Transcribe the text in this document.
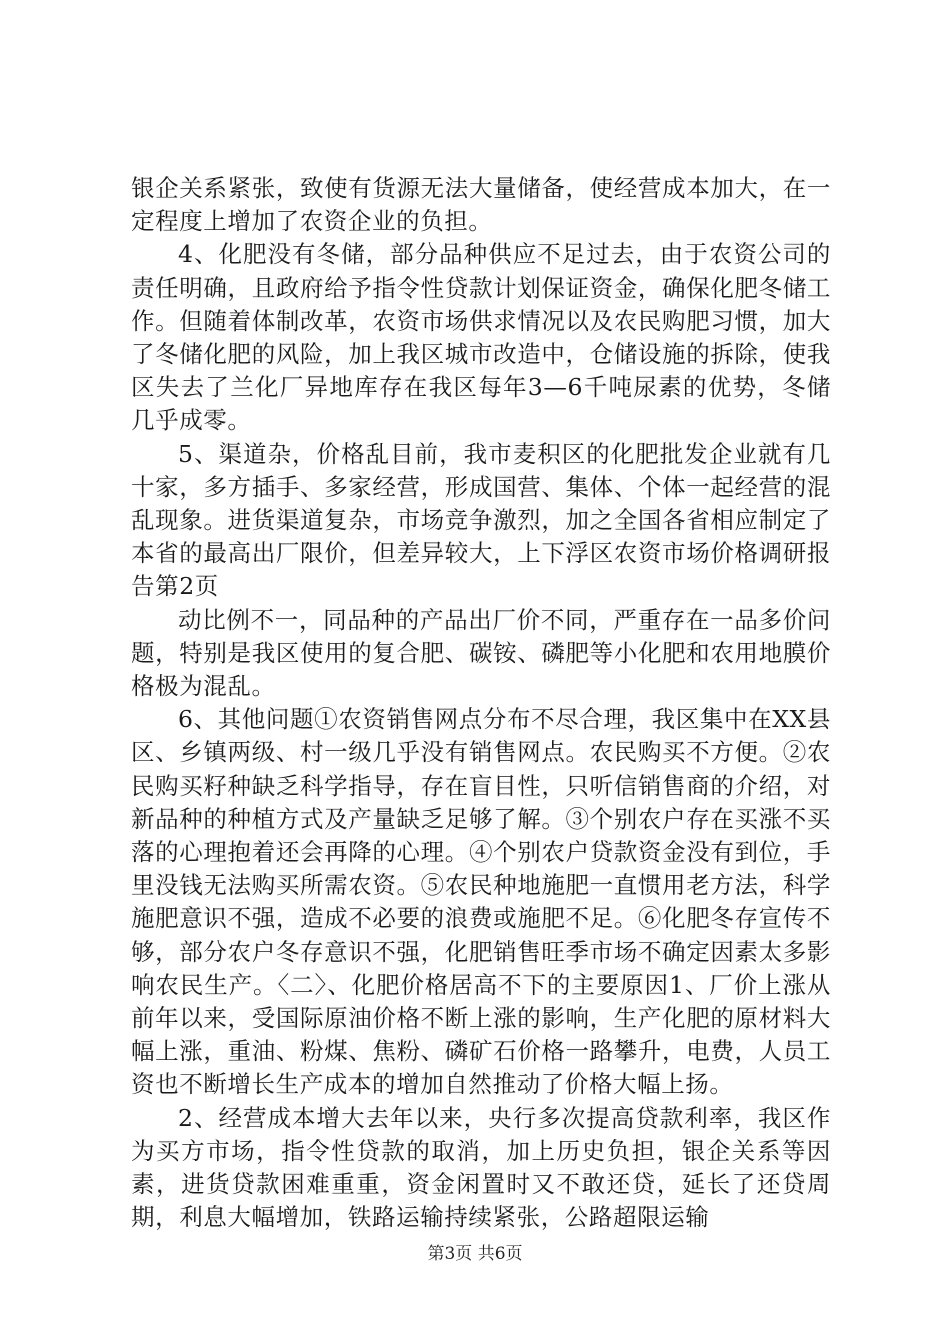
银企关系紧张，致使有货源无法大量储备，使经营成本加大，在一定程度上增加了农资企业的负担。

4、化肥没有冬储，部分品种供应不足过去，由于农资公司的责任明确，且政府给予指令性贷款计划保证资金，确保化肥冬储工作。但随着体制改革，农资市场供求情况以及农民购肥习惯，加大了冬储化肥的风险，加上我区城市改造中，仓储设施的拆除，使我区失去了兰化厂异地库存在我区每年3—6千吨尿素的优势，冬储几乎成零。

5、渠道杂，价格乱目前，我市麦积区的化肥批发企业就有几十家，多方插手、多家经营，形成国营、集体、个体一起经营的混乱现象。进货渠道复杂，市场竞争激烈，加之全国各省相应制定了本省的最高出厂限价，但差异较大，上下浮区农资市场价格调研报告第2页

动比例不一，同品种的产品出厂价不同，严重存在一品多价问题，特别是我区使用的复合肥、碳铵、磷肥等小化肥和农用地膜价格极为混乱。

6、其他问题①农资销售网点分布不尽合理，我区集中在XX县区、乡镇两级、村一级几乎没有销售网点。农民购买不方便。②农民购买籽种缺乏科学指导，存在盲目性，只听信销售商的介绍，对新品种的种植方式及产量缺乏足够了解。③个别农户存在买涨不买落的心理抱着还会再降的心理。④个别农户贷款资金没有到位，手里没钱无法购买所需农资。⑤农民种地施肥一直惯用老方法，科学施肥意识不强，造成不必要的浪费或施肥不足。⑥化肥冬存宣传不够，部分农户冬存意识不强，化肥销售旺季市场不确定因素太多影响农民生产。〈二〉、化肥价格居高不下的主要原因1、厂价上涨从前年以来，受国际原油价格不断上涨的影响，生产化肥的原材料大幅上涨，重油、粉煤、焦粉、磷矿石价格一路攀升，电费，人员工资也不断增长生产成本的增加自然推动了价格大幅上扬。

2、经营成本增大去年以来，央行多次提高贷款利率，我区作为买方市场，指令性贷款的取消，加上历史负担，银企关系等因素，进货贷款困难重重，资金闲置时又不敢还贷，延长了还贷周期，利息大幅增加，铁路运输持续紧张，公路超限运输

第3页 共6页
